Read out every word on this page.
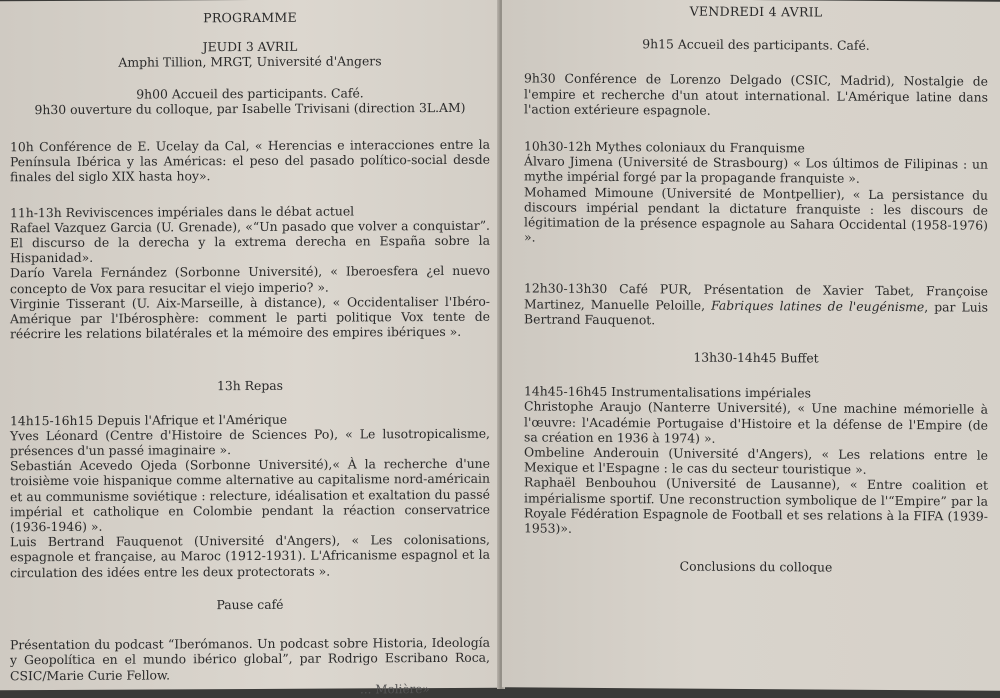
PROGRAMME

JEUDI 3 AVRIL

Amphi Tillion, MRGT, Université d'Angers

9h00 Accueil des participants. Café.

9h30 ouverture du colloque, par Isabelle Trivisani (direction 3L.AM)

10h Conférence de E. Ucelay da Cal, « Herencias e interacciones entre la Península Ibérica y las Américas: el peso del pasado político-social desde finales del siglo XIX hasta hoy».

11h-13h Reviviscences impériales dans le débat actuel

Rafael Vazquez Garcia (U. Grenade), «“Un pasado que volver a conquistar”. El discurso de la derecha y la extrema derecha en España sobre la Hispanidad».

Darío Varela Fernández (Sorbonne Université), « Iberoesfera ¿el nuevo concepto de Vox para resucitar el viejo imperio? ».

Virginie Tisserant (U. Aix-Marseille, à distance), « Occidentaliser l'Ibéro-Amérique par l'Ibérosphère: comment le parti politique Vox tente de réécrire les relations bilatérales et la mémoire des empires ibériques ».

13h Repas

14h15-16h15 Depuis l'Afrique et l'Amérique

Yves Léonard (Centre d'Histoire de Sciences Po), « Le lusotropicalisme, présences d'un passé imaginaire ».

Sebastián Acevedo Ojeda (Sorbonne Université),« À la recherche d'une troisième voie hispanique comme alternative au capitalisme nord-américain et au communisme soviétique : relecture, idéalisation et exaltation du passé impérial et catholique en Colombie pendant la réaction conservatrice (1936-1946) ».

Luis Bertrand Fauquenot (Université d'Angers), « Les colonisations, espagnole et française, au Maroc (1912-1931). L'Africanisme espagnol et la circulation des idées entre les deux protectorats ».

Pause café

Présentation du podcast “Iberómanos. Un podcast sobre Historia, Ideología y Geopolítica en el mundo ibérico global”, par Rodrigo Escribano Roca, CSIC/Marie Curie Fellow.

... Molière»

VENDREDI 4 AVRIL

9h15 Accueil des participants. Café.

9h30 Conférence de Lorenzo Delgado (CSIC, Madrid), Nostalgie de l'empire et recherche d'un atout international. L'Amérique latine dans l'action extérieure espagnole.

10h30-12h Mythes coloniaux du Franquisme

Álvaro Jimena (Université de Strasbourg) « Los últimos de Filipinas : un mythe impérial forgé par la propagande franquiste ».

Mohamed Mimoune (Université de Montpellier), « La persistance du discours impérial pendant la dictature franquiste : les discours de légitimation de la présence espagnole au Sahara Occidental (1958-1976) ».

12h30-13h30 Café PUR, Présentation de Xavier Tabet, Françoise Martinez, Manuelle Peloille, Fabriques latines de l'eugénisme, par Luis Bertrand Fauquenot.

13h30-14h45 Buffet

14h45-16h45 Instrumentalisations impériales

Christophe Araujo (Nanterre Université), « Une machine mémorielle à l'œuvre: l'Académie Portugaise d'Histoire et la défense de l'Empire (de sa création en 1936 à 1974) ».

Ombeline Anderouin (Université d'Angers), « Les relations entre le Mexique et l'Espagne : le cas du secteur touristique ».

Raphaël Benbouhou (Université de Lausanne), « Entre coalition et impérialisme sportif. Une reconstruction symbolique de l'“Empire” par la Royale Fédération Espagnole de Football et ses relations à la FIFA (1939-1953)».

Conclusions du colloque
